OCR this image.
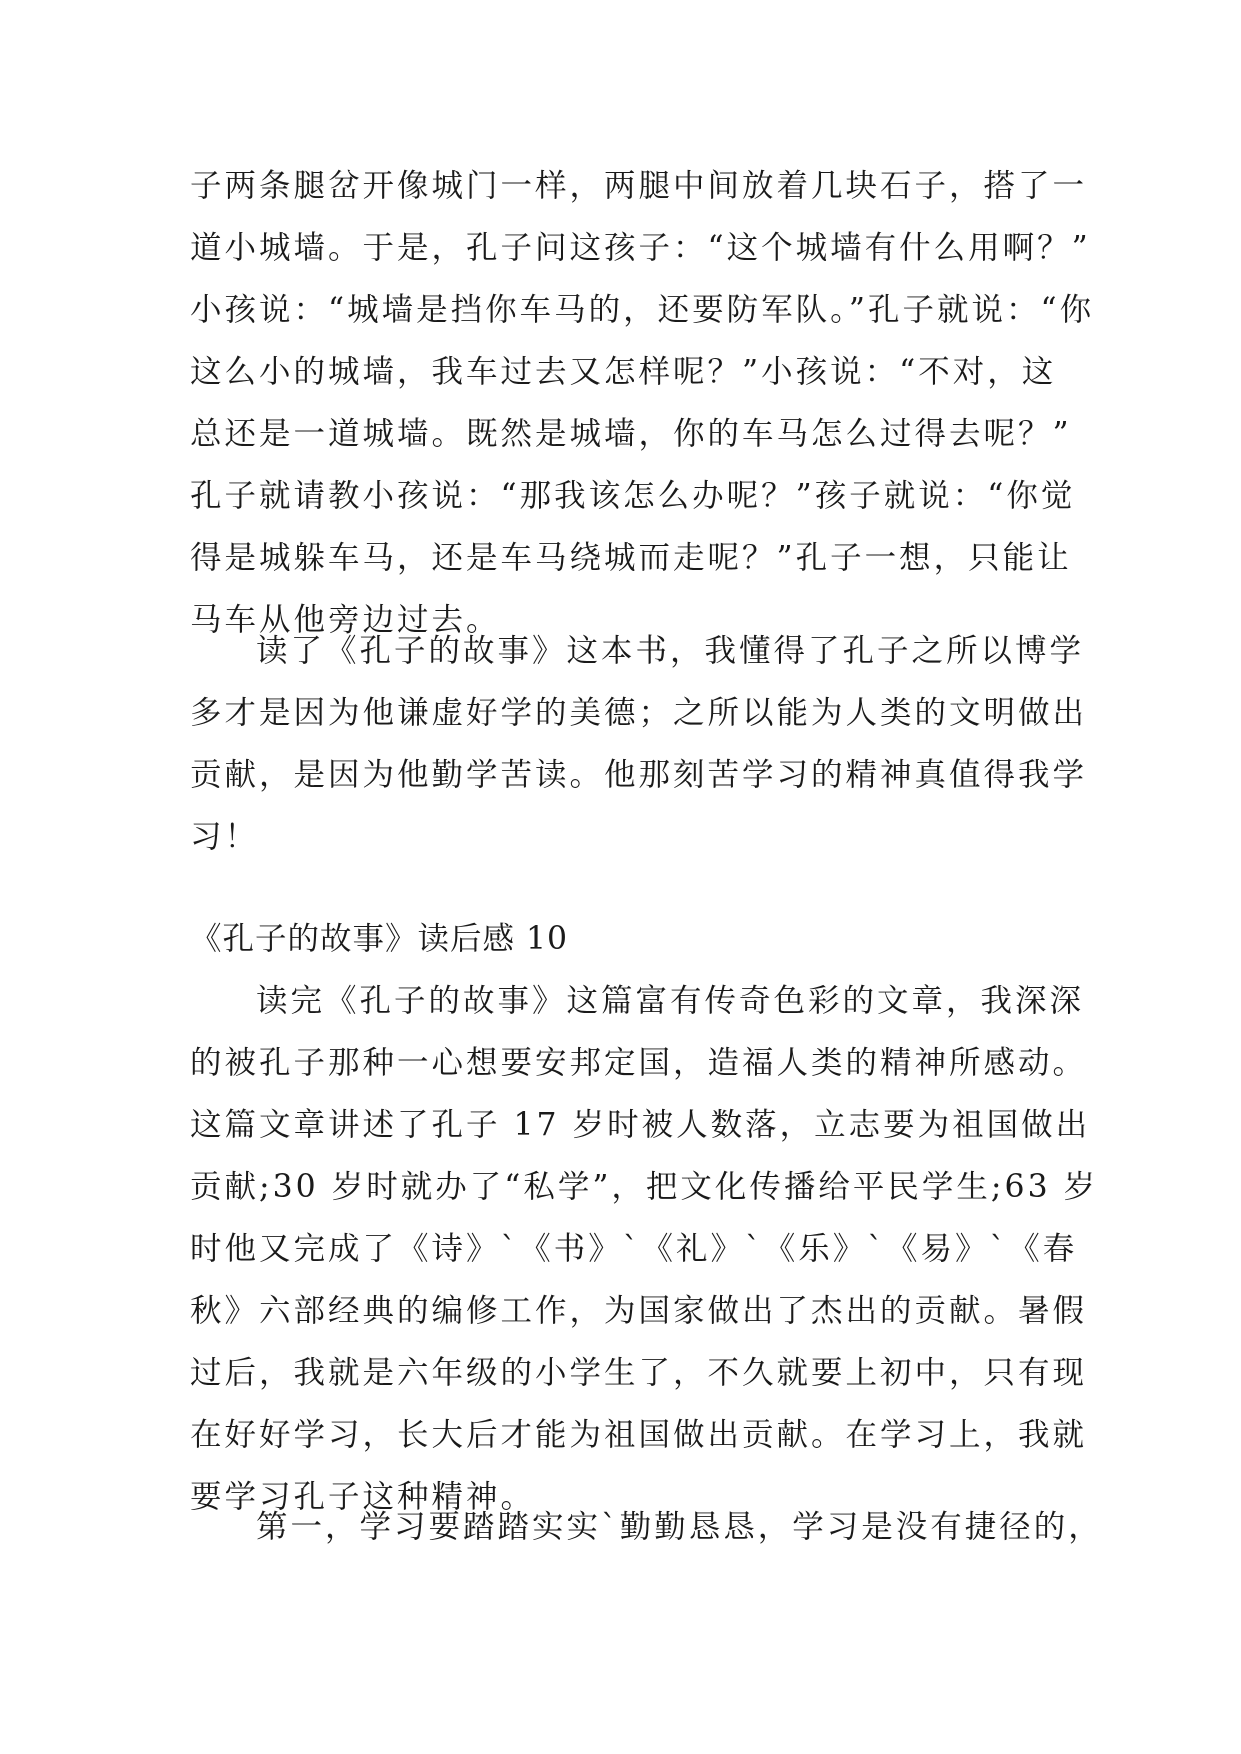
子两条腿岔开像城门一样，两腿中间放着几块石子，搭了一
道小城墙。于是，孔子问这孩子：“这个城墙有什么用啊？”
小孩说：“城墙是挡你车马的，还要防军队。”孔子就说：“你
这么小的城墙，我车过去又怎样呢？”小孩说：“不对，这
总还是一道城墙。既然是城墙，你的车马怎么过得去呢？”
孔子就请教小孩说：“那我该怎么办呢？”孩子就说：“你觉
得是城躲车马，还是车马绕城而走呢？”孔子一想，只能让
马车从他旁边过去。
读了《孔子的故事》这本书，我懂得了孔子之所以博学
多才是因为他谦虚好学的美德；之所以能为人类的文明做出
贡献，是因为他勤学苦读。他那刻苦学习的精神真值得我学
习！
《孔子的故事》读后感 10
读完《孔子的故事》这篇富有传奇色彩的文章，我深深
的被孔子那种一心想要安邦定国，造福人类的精神所感动。
这篇文章讲述了孔子 17 岁时被人数落，立志要为祖国做出
贡献;30 岁时就办了“私学”，把文化传播给平民学生;63 岁
时他又完成了《诗》`《书》`《礼》`《乐》`《易》`《春
秋》六部经典的编修工作，为国家做出了杰出的贡献。暑假
过后，我就是六年级的小学生了，不久就要上初中，只有现
在好好学习，长大后才能为祖国做出贡献。在学习上，我就
要学习孔子这种精神。
第一，学习要踏踏实实`勤勤恳恳，学习是没有捷径的，
